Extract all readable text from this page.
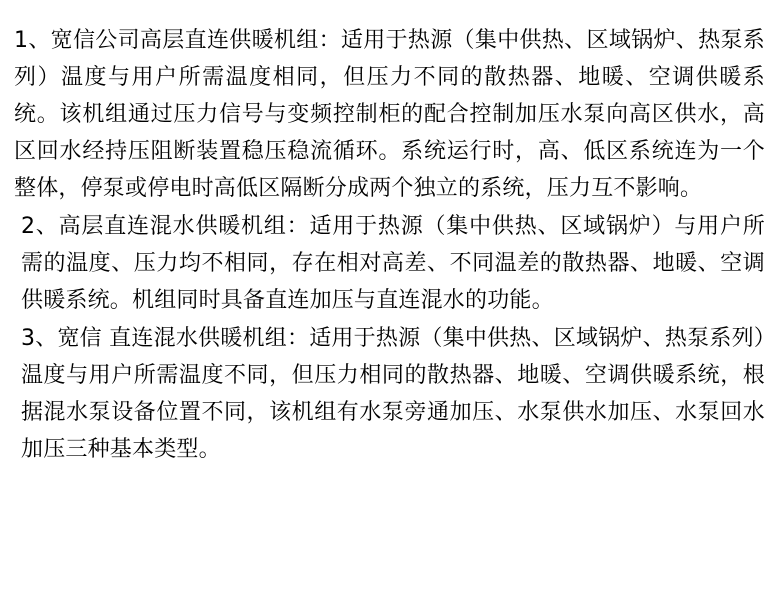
1、宽信公司高层直连供暖机组：适用于热源（集中供热、区域锅炉、热泵系列）温度与用户所需温度相同，但压力不同的散热器、地暖、空调供暖系统。该机组通过压力信号与变频控制柜的配合控制加压水泵向高区供水，高区回水经持压阻断装置稳压稳流循环。系统运行时，高、低区系统连为一个整体，停泵或停电时高低区隔断分成两个独立的系统，压力互不影响。

2、高层直连混水供暖机组：适用于热源（集中供热、区域锅炉）与用户所需的温度、压力均不相同，存在相对高差、不同温差的散热器、地暖、空调供暖系统。机组同时具备直连加压与直连混水的功能。

3、宽信 直连混水供暖机组：适用于热源（集中供热、区域锅炉、热泵系列）温度与用户所需温度不同，但压力相同的散热器、地暖、空调供暖系统，根据混水泵设备位置不同，该机组有水泵旁通加压、水泵供水加压、水泵回水加压三种基本类型。
